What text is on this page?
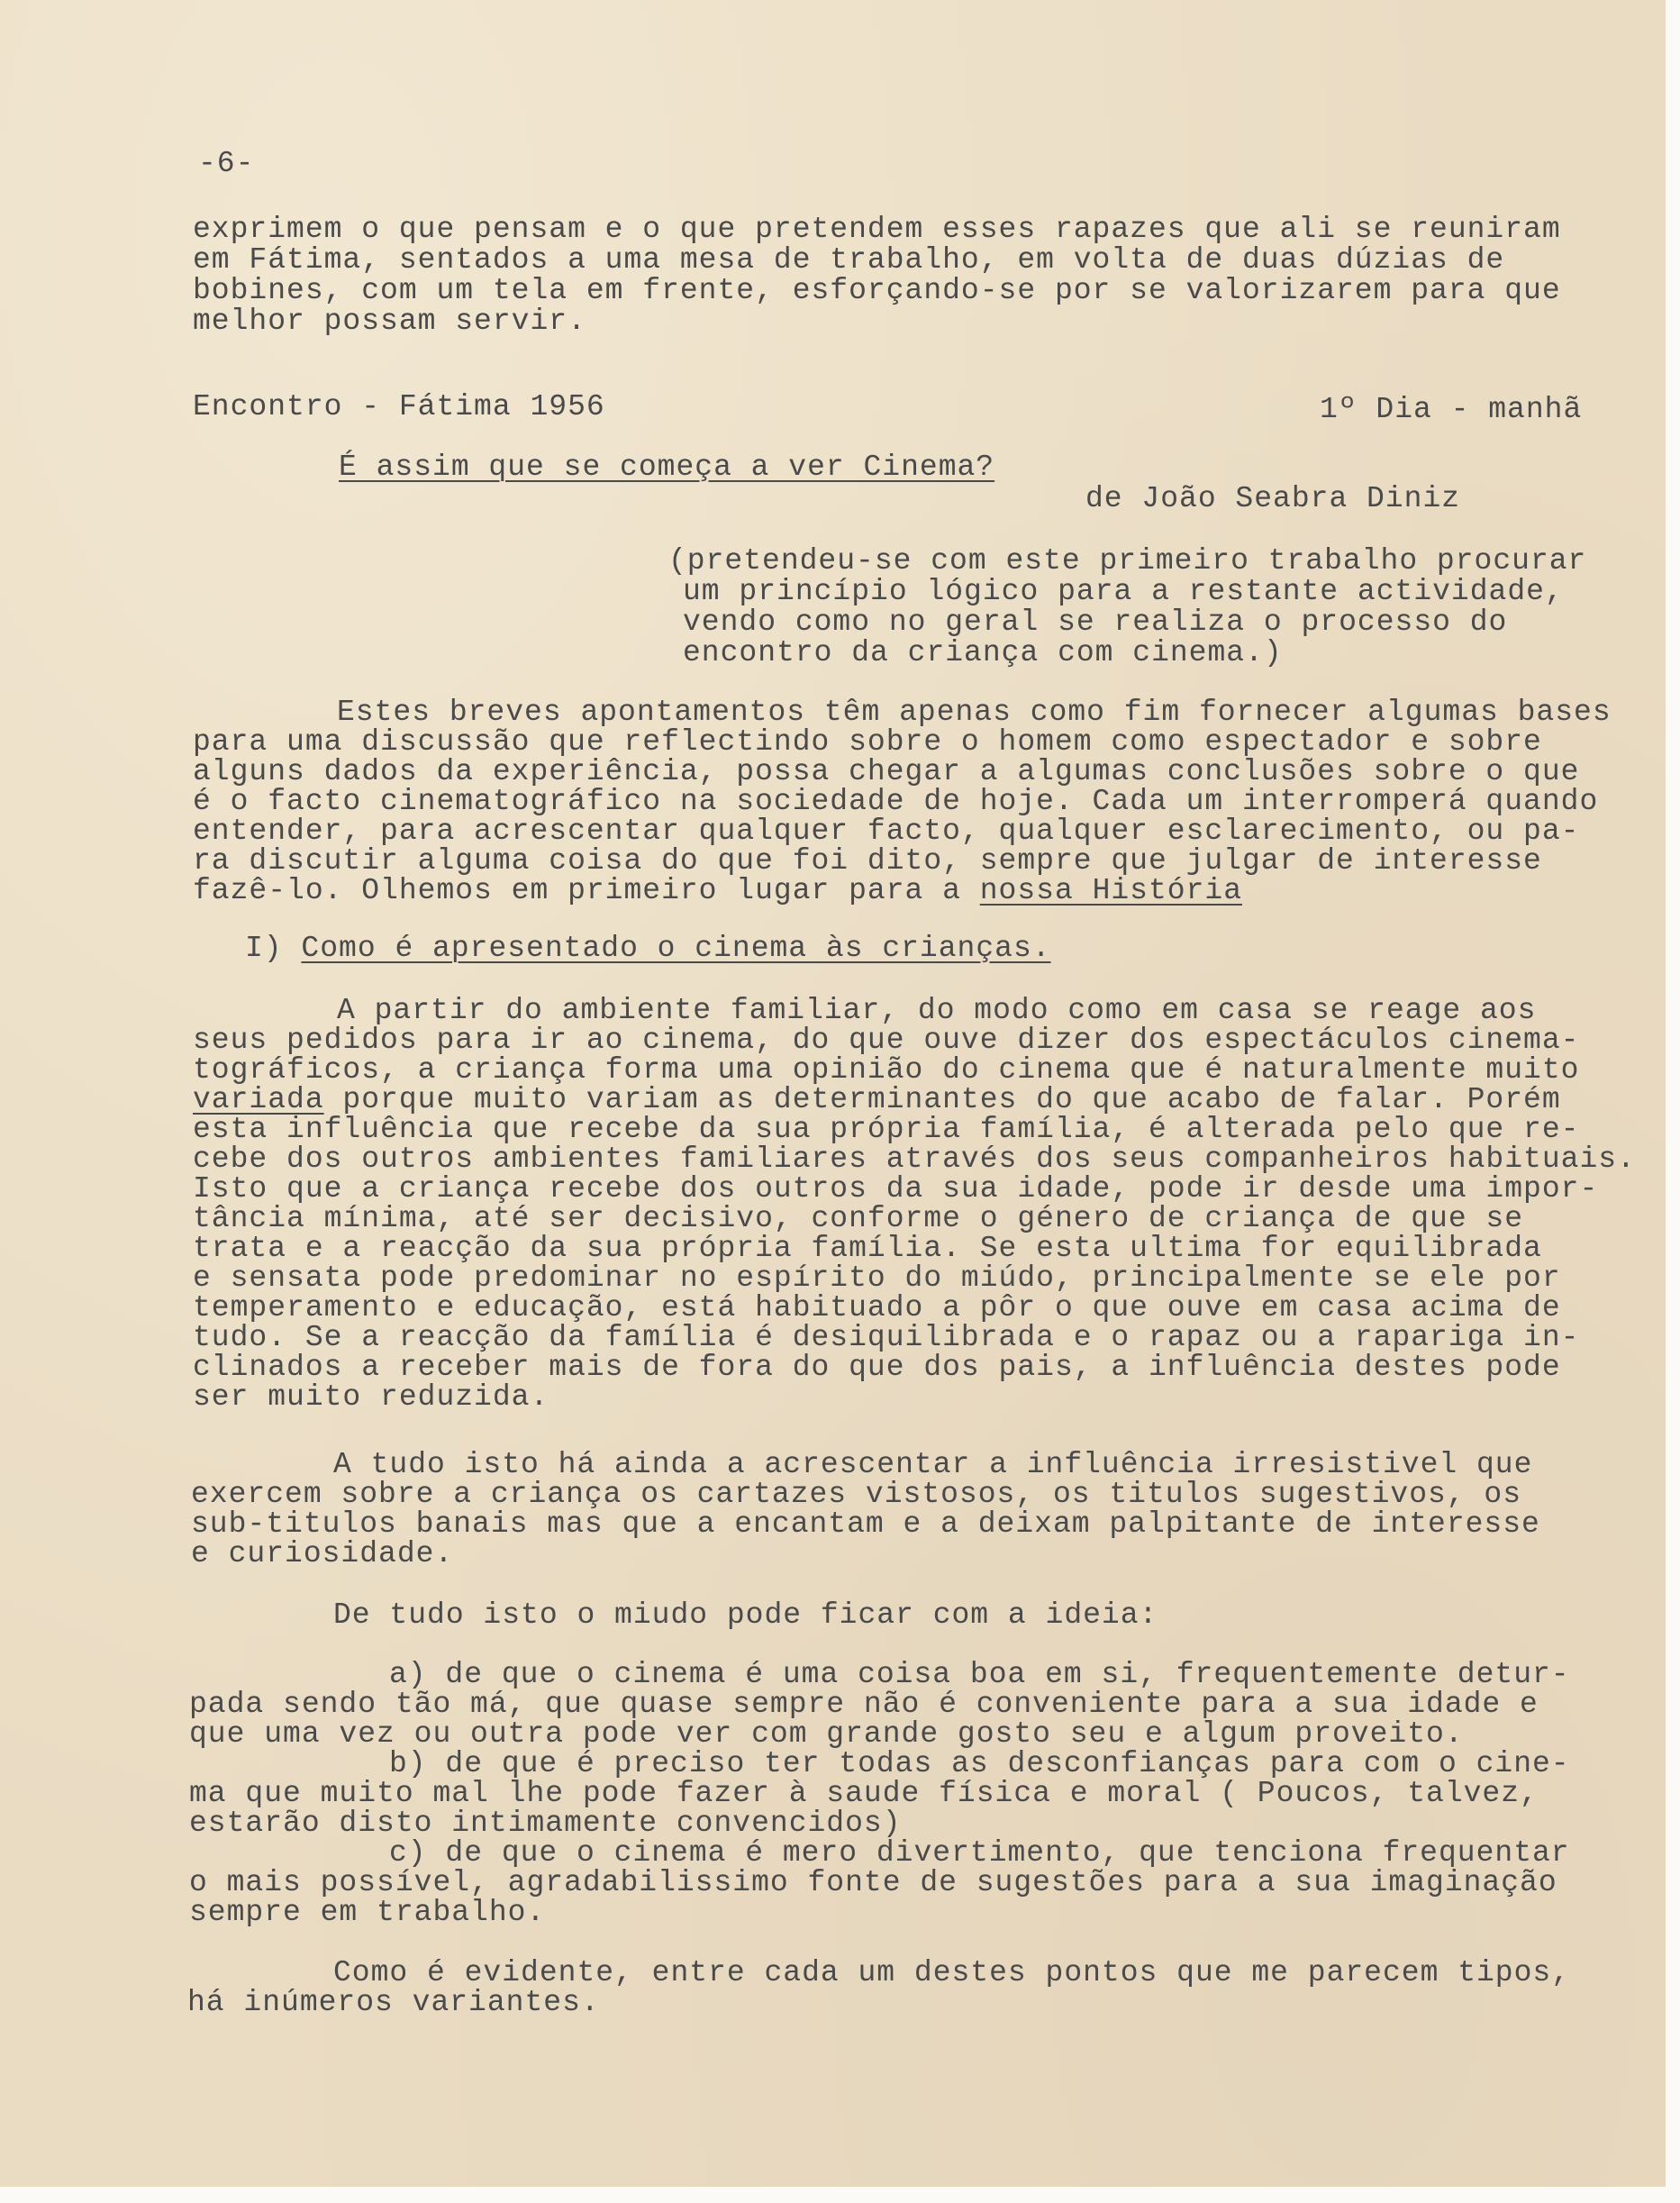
-6-

exprimem o que pensam e o que pretendem esses rapazes que ali se reuniram

em Fátima, sentados a uma mesa de trabalho, em volta de duas dúzias de

bobines, com um tela em frente, esforçando-se por se valorizarem para que

melhor possam servir.

Encontro - Fátima 1956	1º Dia - manhã

É assim que se começa a ver Cinema?

de João Seabra Diniz

(pretendeu-se com este primeiro trabalho procurar

um princípio lógico para a restante actividade,

vendo como no geral se realiza o processo do

encontro da criança com cinema.)

Estes breves apontamentos têm apenas como fim fornecer algumas bases

para uma discussão que reflectindo sobre o homem como espectador e sobre

alguns dados da experiência, possa chegar a algumas conclusões sobre o que

é o facto cinematográfico na sociedade de hoje. Cada um interromperá quando

entender, para acrescentar qualquer facto, qualquer esclarecimento, ou pa-

ra discutir alguma coisa do que foi dito, sempre que julgar de interesse

fazê-lo. Olhemos em primeiro lugar para a nossa História

I) Como é apresentado o cinema às crianças.

A partir do ambiente familiar, do modo como em casa se reage aos

seus pedidos para ir ao cinema, do que ouve dizer dos espectáculos cinema-

tográficos, a criança forma uma opinião do cinema que é naturalmente muito

variada porque muito variam as determinantes do que acabo de falar. Porém

esta influência que recebe da sua própria família, é alterada pelo que re-

cebe dos outros ambientes familiares através dos seus companheiros habituais.

Isto que a criança recebe dos outros da sua idade, pode ir desde uma impor-

tância mínima, até ser decisivo, conforme o género de criança de que se

trata e a reacção da sua própria família. Se esta ultima for equilibrada

e sensata pode predominar no espírito do miúdo, principalmente se ele por

temperamento e educação, está habituado a pôr o que ouve em casa acima de

tudo. Se a reacção da família é desiquilibrada e o rapaz ou a rapariga in-

clinados a receber mais de fora do que dos pais, a influência destes pode

ser muito reduzida.

A tudo isto há ainda a acrescentar a influência irresistivel que

exercem sobre a criança os cartazes vistosos, os titulos sugestivos, os

sub-titulos banais mas que a encantam e a deixam palpitante de interesse

e curiosidade.

De tudo isto o miudo pode ficar com a ideia:

a) de que o cinema é uma coisa boa em si, frequentemente detur-

pada sendo tão má, que quase sempre não é conveniente para a sua idade e

que uma vez ou outra pode ver com grande gosto seu e algum proveito.

b) de que é preciso ter todas as desconfianças para com o cine-

ma que muito mal lhe pode fazer à saude física e moral ( Poucos, talvez,

estarão disto intimamente convencidos)

c) de que o cinema é mero divertimento, que tenciona frequentar

o mais possível, agradabilissimo fonte de sugestões para a sua imaginação

sempre em trabalho.

Como é evidente, entre cada um destes pontos que me parecem tipos,

há inúmeros variantes.
